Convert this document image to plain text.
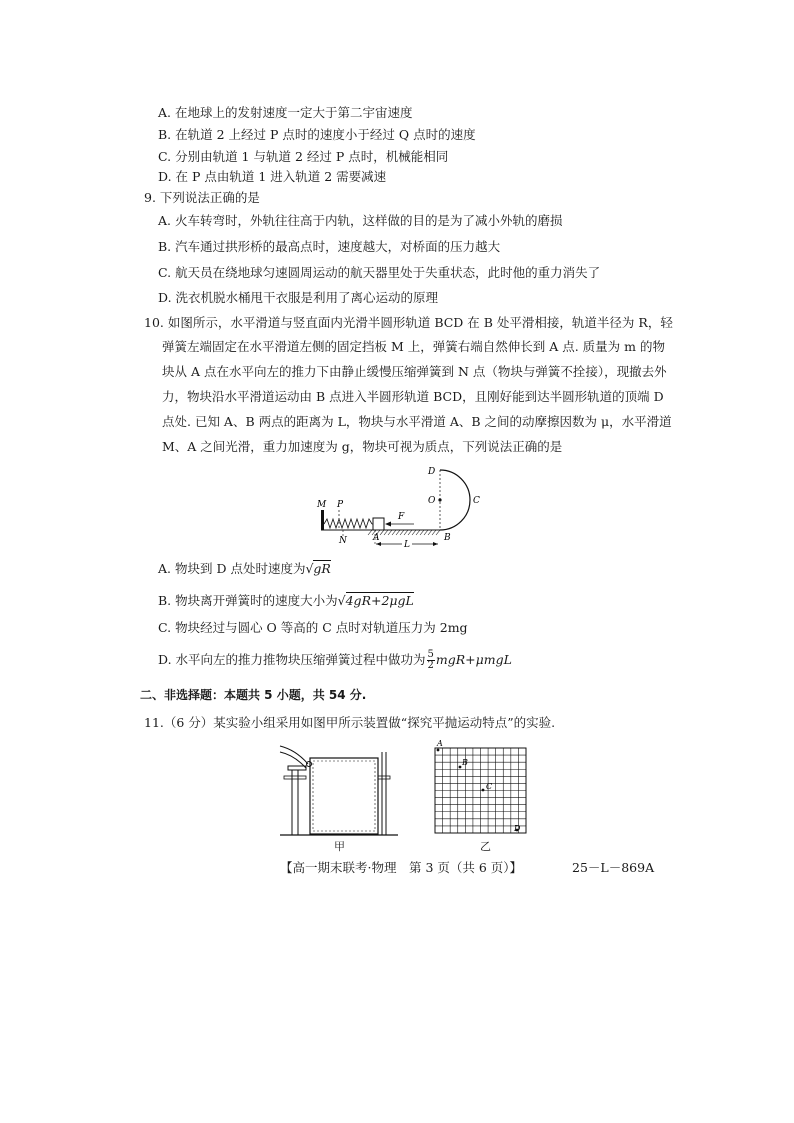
A. 在地球上的发射速度一定大于第二宇宙速度
B. 在轨道 2 上经过 P 点时的速度小于经过 Q 点时的速度
C. 分别由轨道 1 与轨道 2 经过 P 点时，机械能相同
D. 在 P 点由轨道 1 进入轨道 2 需要减速
9. 下列说法正确的是
A. 火车转弯时，外轨往往高于内轨，这样做的目的是为了减小外轨的磨损
B. 汽车通过拱形桥的最高点时，速度越大，对桥面的压力越大
C. 航天员在绕地球匀速圆周运动的航天器里处于失重状态，此时他的重力消失了
D. 洗衣机脱水桶甩干衣服是利用了离心运动的原理
10. 如图所示，水平滑道与竖直面内光滑半圆形轨道 BCD 在 B 处平滑相接，轨道半径为 R，轻
弹簧左端固定在水平滑道左侧的固定挡板 M 上，弹簧右端自然伸长到 A 点. 质量为 m 的物
块从 A 点在水平向左的推力下由静止缓慢压缩弹簧到 N 点（物块与弹簧不拴接），现撤去外
力，物块沿水平滑道运动由 B 点进入半圆形轨道 BCD，且刚好能到达半圆形轨道的顶端 D
点处. 已知 A、B 两点的距离为 L，物块与水平滑道 A、B 之间的动摩擦因数为 μ，水平滑道
M、A 之间光滑，重力加速度为 g，物块可视为质点，下列说法正确的是
M P
F
D
O	C
N	A	B
L
A. 物块到 D 点处时速度为√gR
B. 物块离开弹簧时的速度大小为√4gR+2μgL
C. 物块经过与圆心 O 等高的 C 点时对轨道压力为 2mg
D. 水平向左的推力推物块压缩弹簧过程中做功为 $\frac{5}{2} mgR+\mu mgL$
二、非选择题：本题共 5 小题，共 54 分.
11.（6 分）某实验小组采用如图甲所示装置做“探究平抛运动特点”的实验.
甲
A
B
C
D
乙
【高一期末联考·物理　第 3 页（共 6 页）】	25－L－869A
